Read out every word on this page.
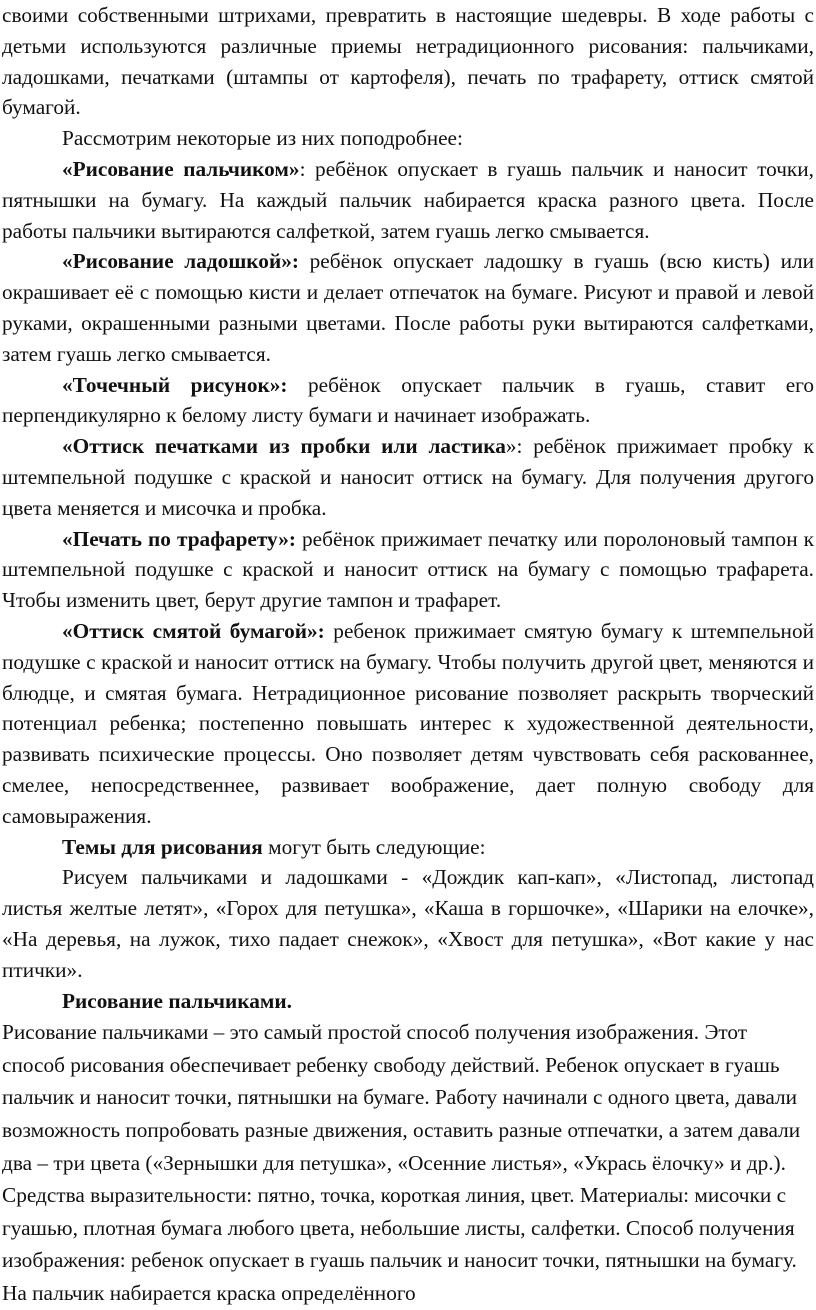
своими собственными штрихами, превратить в настоящие шедевры. В ходе работы с детьми используются различные приемы нетрадиционного рисования: пальчиками, ладошками, печатками (штампы от картофеля), печать по трафарету, оттиск смятой бумагой.

Рассмотрим некоторые из них поподробнее:

«Рисование пальчиком»: ребёнок опускает в гуашь пальчик и наносит точки, пятнышки на бумагу. На каждый пальчик набирается краска разного цвета. После работы пальчики вытираются салфеткой, затем гуашь легко смывается.

«Рисование ладошкой»: ребёнок опускает ладошку в гуашь (всю кисть) или окрашивает её с помощью кисти и делает отпечаток на бумаге. Рисуют и правой и левой руками, окрашенными разными цветами. После работы руки вытираются салфетками, затем гуашь легко смывается.

«Точечный рисунок»: ребёнок опускает пальчик в гуашь, ставит его перпендикулярно к белому листу бумаги и начинает изображать.

«Оттиск печатками из пробки или ластика»: ребёнок прижимает пробку к штемпельной подушке с краской и наносит оттиск на бумагу. Для получения другого цвета меняется и мисочка и пробка.

«Печать по трафарету»: ребёнок прижимает печатку или поролоновый тампон к штемпельной подушке с краской и наносит оттиск на бумагу с помощью трафарета. Чтобы изменить цвет, берут другие тампон и трафарет.

«Оттиск смятой бумагой»: ребенок прижимает смятую бумагу к штемпельной подушке с краской и наносит оттиск на бумагу. Чтобы получить другой цвет, меняются и блюдце, и смятая бумага. Нетрадиционное рисование позволяет раскрыть творческий потенциал ребенка; постепенно повышать интерес к художественной деятельности, развивать психические процессы. Оно позволяет детям чувствовать себя раскованнее, смелее, непосредственнее, развивает воображение, дает полную свободу для самовыражения.

Темы для рисования могут быть следующие:

Рисуем пальчиками и ладошками - «Дождик кап-кап», «Листопад, листопад листья желтые летят», «Горох для петушка», «Каша в горшочке», «Шарики на елочке», «На деревья, на лужок, тихо падает снежок», «Хвост для петушка», «Вот какие у нас птички».

Рисование пальчиками.

Рисование пальчиками – это самый простой способ получения изображения. Этот способ рисования обеспечивает ребенку свободу действий. Ребенок опускает в гуашь пальчик и наносит точки, пятнышки на бумаге. Работу начинали с одного цвета, давали возможность попробовать разные движения, оставить разные отпечатки, а затем давали два – три цвета («Зернышки для петушка», «Осенние листья», «Укрась ёлочку» и др.). Средства выразительности: пятно, точка, короткая линия, цвет. Материалы: мисочки с гуашью, плотная бумага любого цвета, небольшие листы, салфетки. Способ получения изображения: ребенок опускает в гуашь пальчик и наносит точки, пятнышки на бумагу. На пальчик набирается краска определённого
